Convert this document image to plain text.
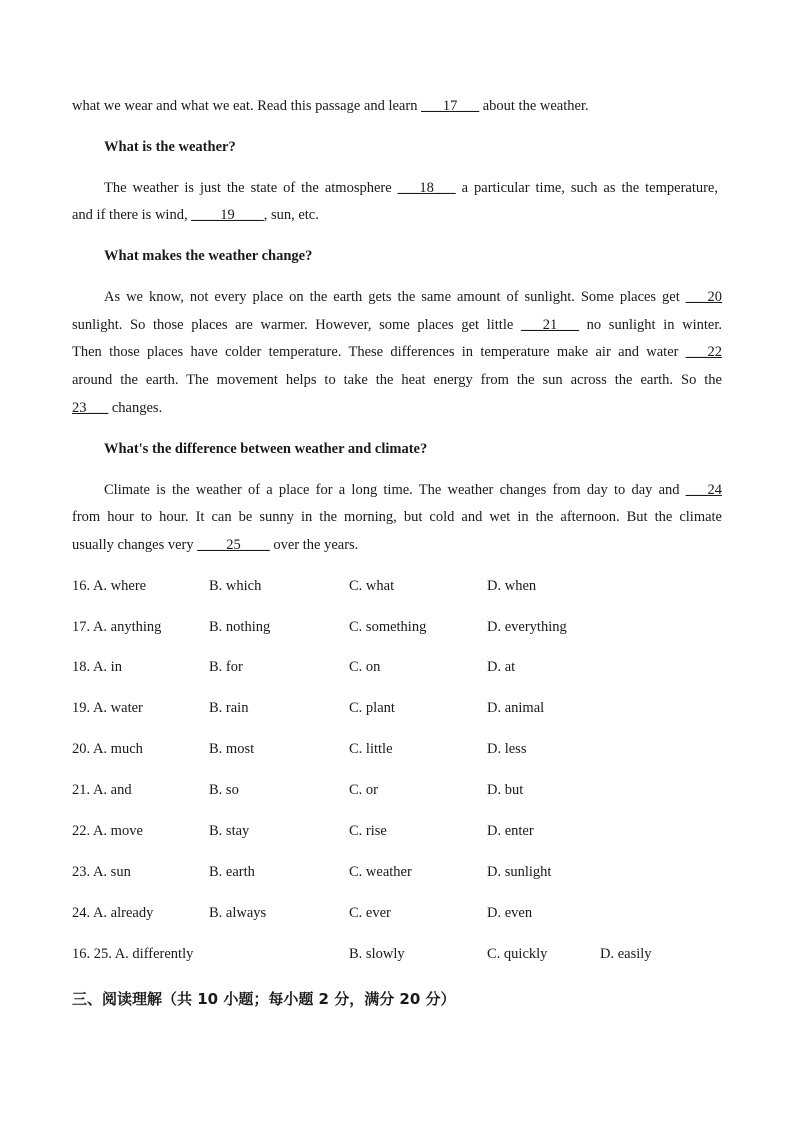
what we wear and what we eat. Read this passage and learn ___17___ about the weather.
What is the weather?
The weather is just the state of the atmosphere ___18___ a particular time, such as the temperature,
and if there is wind, ____19____, sun, etc.
What makes the weather change?
As we know, not every place on the earth gets the same amount of sunlight. Some places get ___20
sunlight. So those places are warmer. However, some places get little ___21___ no sunlight in winter.
Then those places have colder temperature. These differences in temperature make air and water ___22
around the earth. The movement helps to take the heat energy from the sun across the earth. So the
23___ changes.
What's the difference between weather and climate?
Climate is the weather of a place for a long time. The weather changes from day to day and ___24
from hour to hour. It can be sunny in the morning, but cold and wet in the afternoon. But the climate
usually changes very ____25____ over the years.
16. A. where	B. which	C. what	D. when
17. A. anything	B. nothing	C. something	D. everything
18. A. in	B. for	C. on	D. at
19. A. water	B. rain	C. plant	D. animal
20. A. much	B. most	C. little	D. less
21. A. and	B. so	C. or	D. but
22. A. move	B. stay	C. rise	D. enter
23. A. sun	B. earth	C. weather	D. sunlight
24. A. already	B. always	C. ever	D. even
16. 25. A. differently	B. slowly	C. quickly	D. easily
三、阅读理解（共 10 小题；每小题 2 分，满分 20 分）
